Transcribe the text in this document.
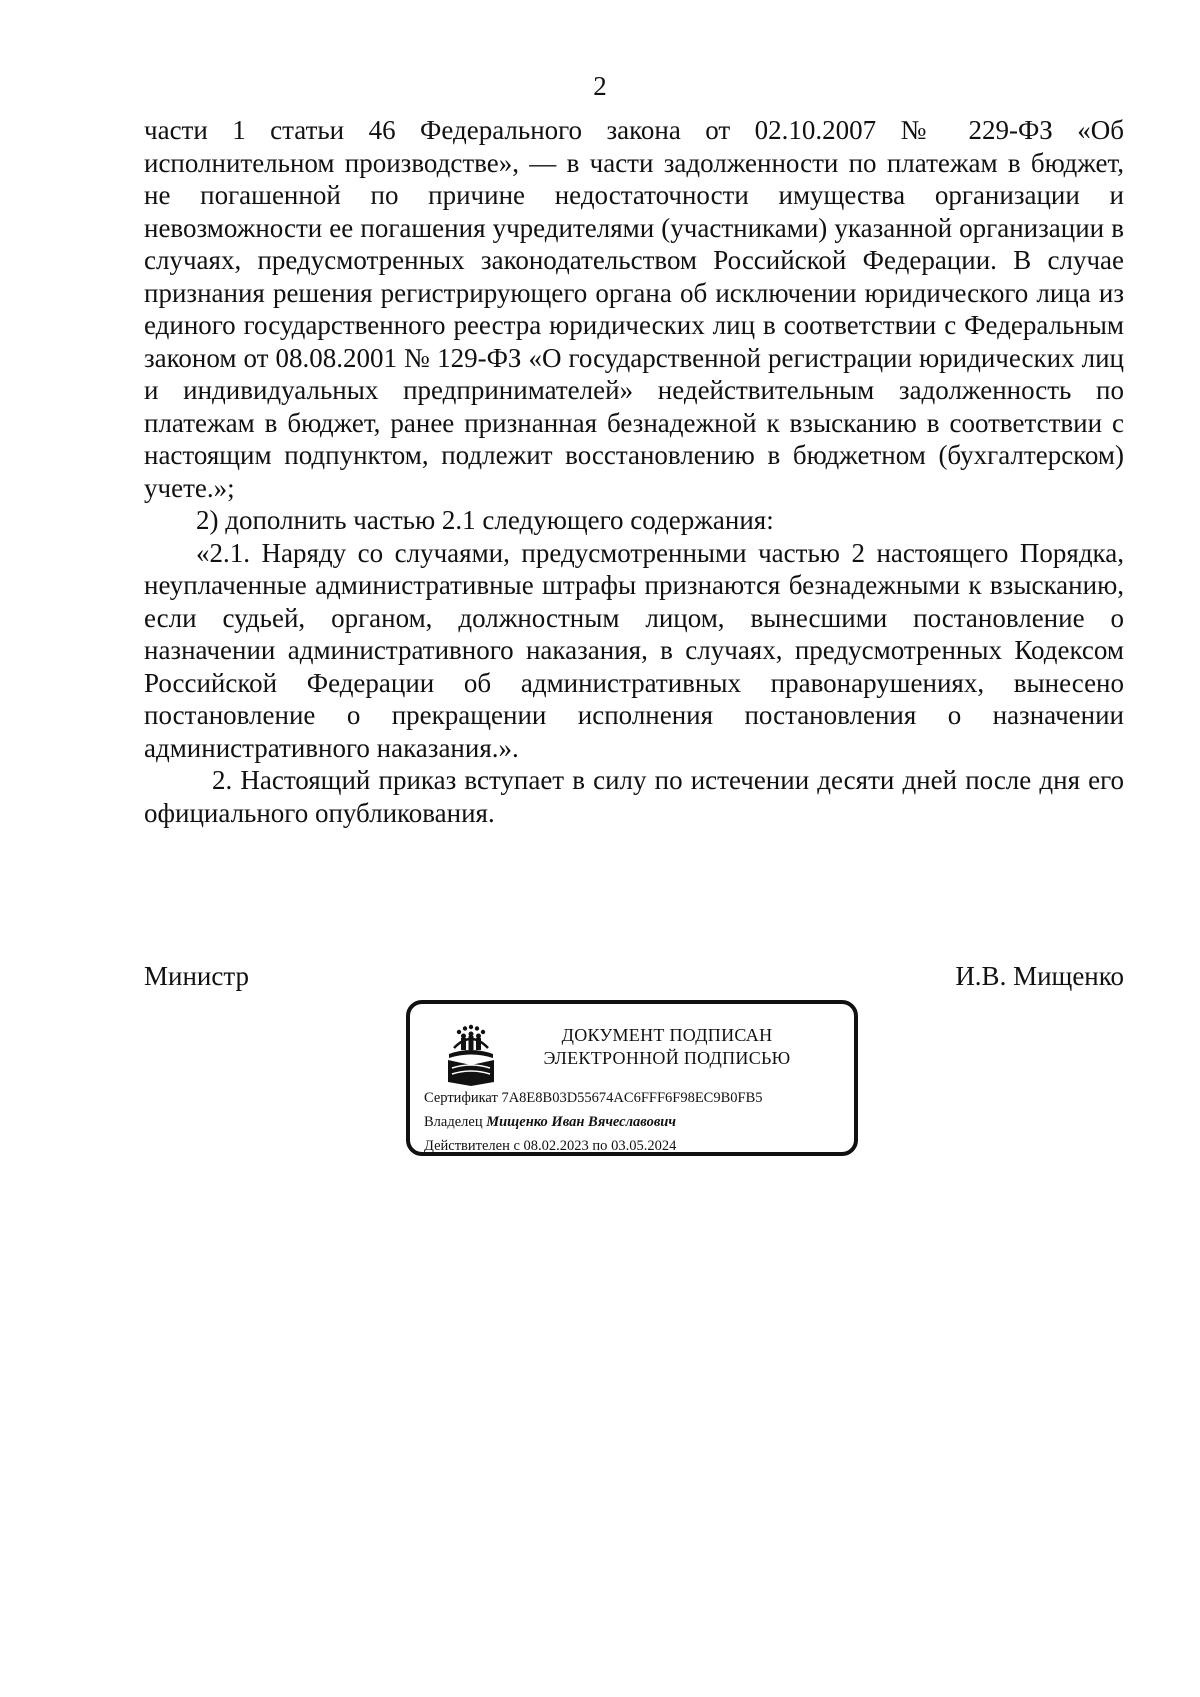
2

части 1 статьи 46 Федерального закона от 02.10.2007 № 229-ФЗ «Об исполнительном производстве», — в части задолженности по платежам в бюджет, не погашенной по причине недостаточности имущества организации и невозможности ее погашения учредителями (участниками) указанной организации в случаях, предусмотренных законодательством Российской Федерации. В случае признания решения регистрирующего органа об исключении юридического лица из единого государственного реестра юридических лиц в соответствии с Федеральным законом от 08.08.2001 № 129-ФЗ «О государственной регистрации юридических лиц и индивидуальных предпринимателей» недействительным задолженность по платежам в бюджет, ранее признанная безнадежной к взысканию в соответствии с настоящим подпунктом, подлежит восстановлению в бюджетном (бухгалтерском) учете.»;

2) дополнить частью 2.1 следующего содержания:

«2.1. Наряду со случаями, предусмотренными частью 2 настоящего Порядка, неуплаченные административные штрафы признаются безнадежными к взысканию, если судьей, органом, должностным лицом, вынесшими постановление о назначении административного наказания, в случаях, предусмотренных Кодексом Российской Федерации об административных правонарушениях, вынесено постановление о прекращении исполнения постановления о назначении административного наказания.».

2. Настоящий приказ вступает в силу по истечении десяти дней после дня его официального опубликования.

Министр	И.В. Мищенко
ДОКУМЕНТ ПОДПИСАН
ЭЛЕКТРОННОЙ ПОДПИСЬЮ
Сертификат 7A8E8B03D55674AC6FFF6F98EC9B0FB5
Владелец Мищенко Иван Вячеславович
Действителен с 08.02.2023 по 03.05.2024
